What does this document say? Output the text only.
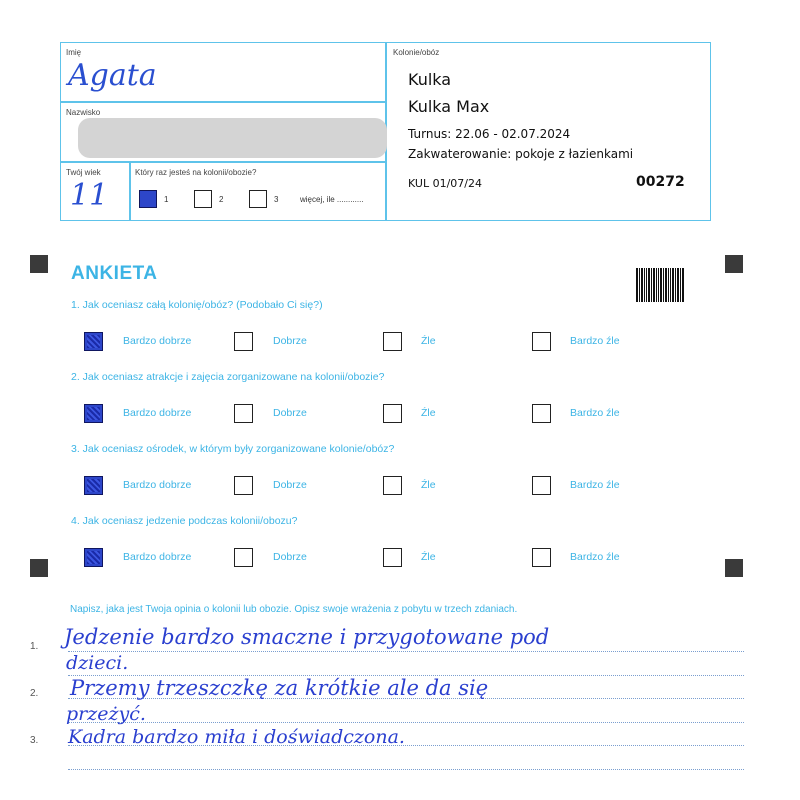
Imię
Agata
Nazwisko
Twój wiek
11
Który raz jesteś na kolonii/obozie?
1	2	3	więcej, ile ............
Kolonie/obóz
Kulka
Kulka Max
Turnus: 22.06 - 02.07.2024
Zakwaterowanie: pokoje z łazienkami
KUL 01/07/24	00272
ANKIETA
1. Jak oceniasz całą kolonię/obóz? (Podobało Ci się?)
Bardzo dobrze	Dobrze	Źle	Bardzo źle
2. Jak oceniasz atrakcje i zajęcia zorganizowane na kolonii/obozie?
Bardzo dobrze	Dobrze	Źle	Bardzo źle
3. Jak oceniasz ośrodek, w którym były zorganizowane kolonie/obóz?
Bardzo dobrze	Dobrze	Źle	Bardzo źle
4. Jak oceniasz jedzenie podczas kolonii/obozu?
Bardzo dobrze	Dobrze	Źle	Bardzo źle
Napisz, jaka jest Twoja opinia o kolonii lub obozie. Opisz swoje wrażenia z pobytu w trzech zdaniach.
1.
2.
3.
Jedzenie bardzo smaczne i przygotowane pod
dzieci.
Przemy trzeszczkę za krótkie ale da się
przeżyć.
Kadra bardzo miła i doświadczona.
